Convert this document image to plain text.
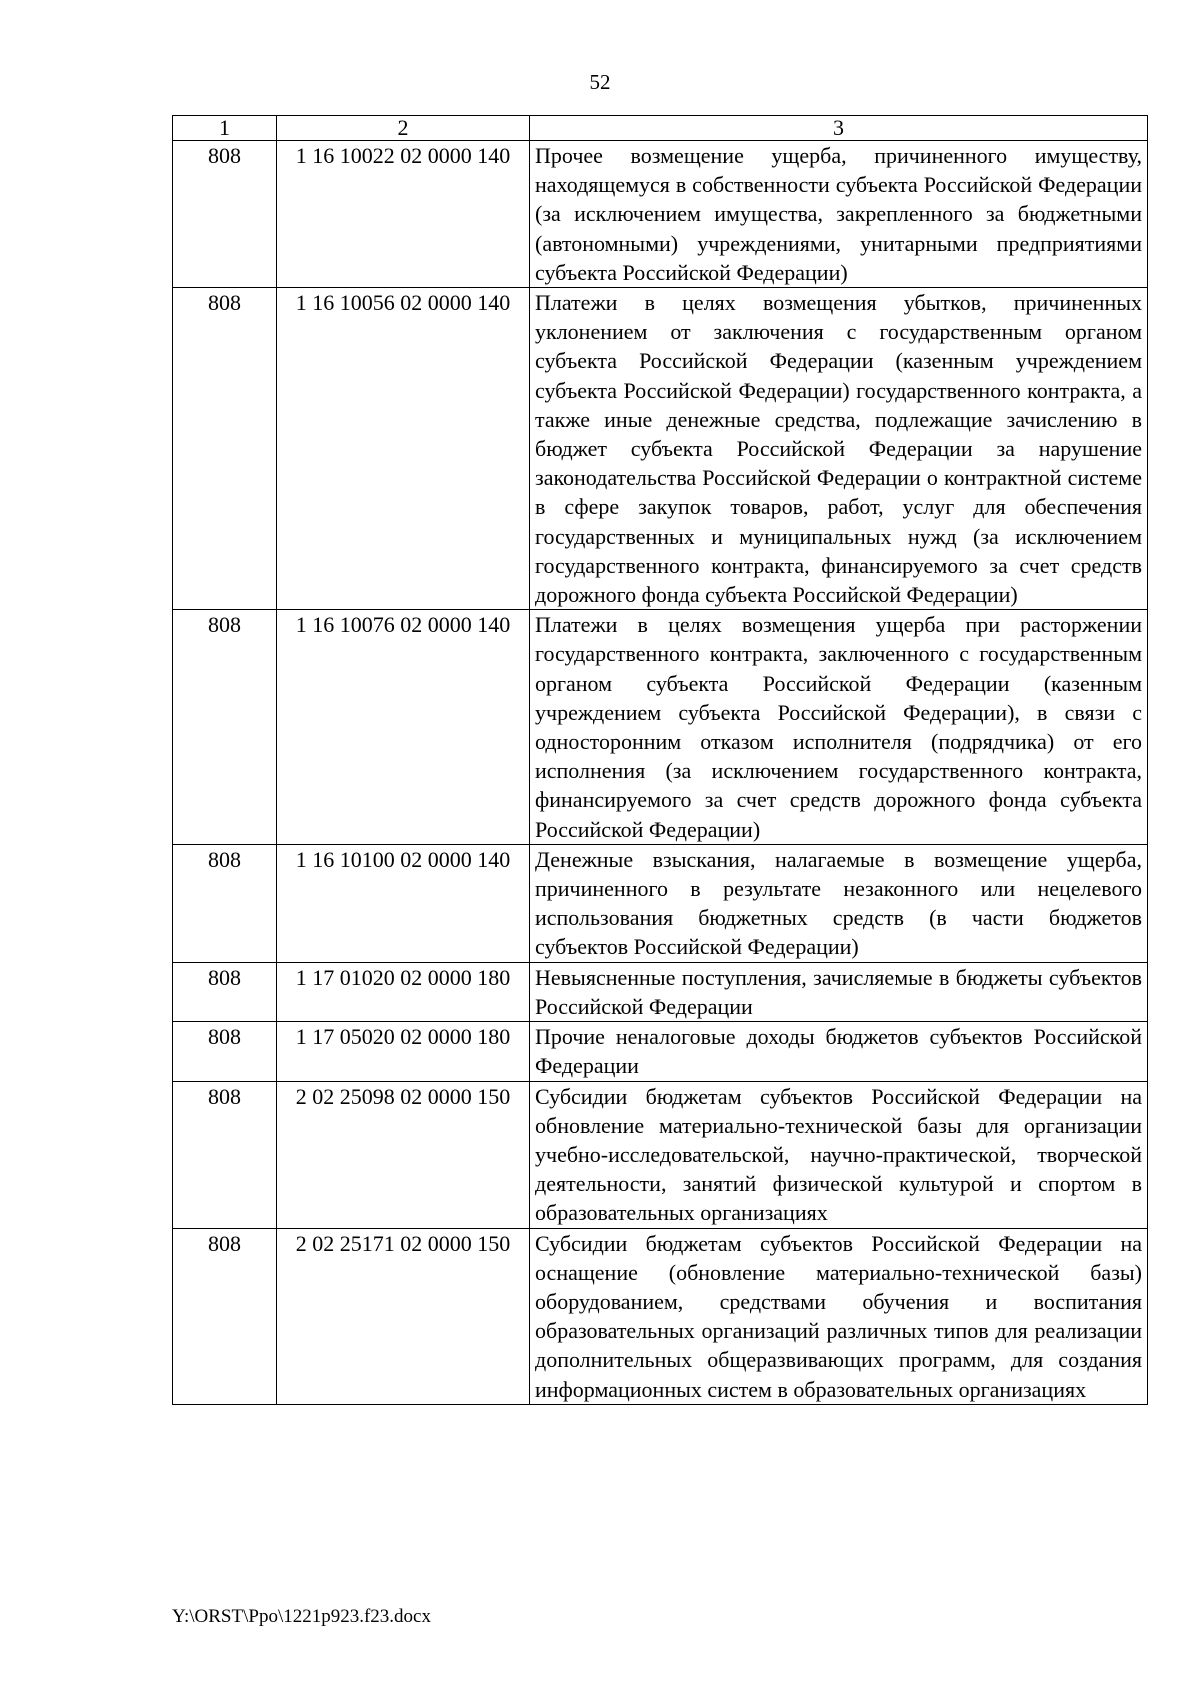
52
1	2	3
808	1 16 10022 02 0000 140	Прочее возмещение ущерба, причиненного имуществу, находящемуся в собственности субъекта Российской Федерации (за исключением имущества, закрепленного за бюджетными (автономными) учреждениями, унитарными предприятиями субъекта Российской Федерации)
808	1 16 10056 02 0000 140	Платежи в целях возмещения убытков, причиненных уклонением от заключения с государственным органом субъекта Российской Федерации (казенным учреждением субъекта Российской Федерации) государственного контракта, а также иные денежные средства, подлежащие зачислению в бюджет субъекта Российской Федерации за нарушение законодательства Российской Федерации о контрактной системе в сфере закупок товаров, работ, услуг для обеспечения государственных и муниципальных нужд (за исключением государственного контракта, финансируемого за счет средств дорожного фонда субъекта Российской Федерации)
808	1 16 10076 02 0000 140	Платежи в целях возмещения ущерба при расторжении государственного контракта, заключенного с государственным органом субъекта Российской Федерации (казенным учреждением субъекта Российской Федерации), в связи с односторонним отказом исполнителя (подрядчика) от его исполнения (за исключением государственного контракта, финансируемого за счет средств дорожного фонда субъекта Российской Федерации)
808	1 16 10100 02 0000 140	Денежные взыскания, налагаемые в возмещение ущерба, причиненного в результате незаконного или нецелевого использования бюджетных средств (в части бюджетов субъектов Российской Федерации)
808	1 17 01020 02 0000 180	Невыясненные поступления, зачисляемые в бюджеты субъектов Российской Федерации
808	1 17 05020 02 0000 180	Прочие неналоговые доходы бюджетов субъектов Российской Федерации
808	2 02 25098 02 0000 150	Субсидии бюджетам субъектов Российской Федерации на обновление материально-технической базы для организации учебно-исследовательской, научно-практической, творческой деятельности, занятий физической культурой и спортом в образовательных организациях
808	2 02 25171 02 0000 150	Субсидии бюджетам субъектов Российской Федерации на оснащение (обновление материально-технической базы) оборудованием, средствами обучения и воспитания образовательных организаций различных типов для реализации дополнительных общеразвивающих программ, для создания информационных систем в образовательных организациях
Y:\ORST\Ppo\1221p923.f23.docx
